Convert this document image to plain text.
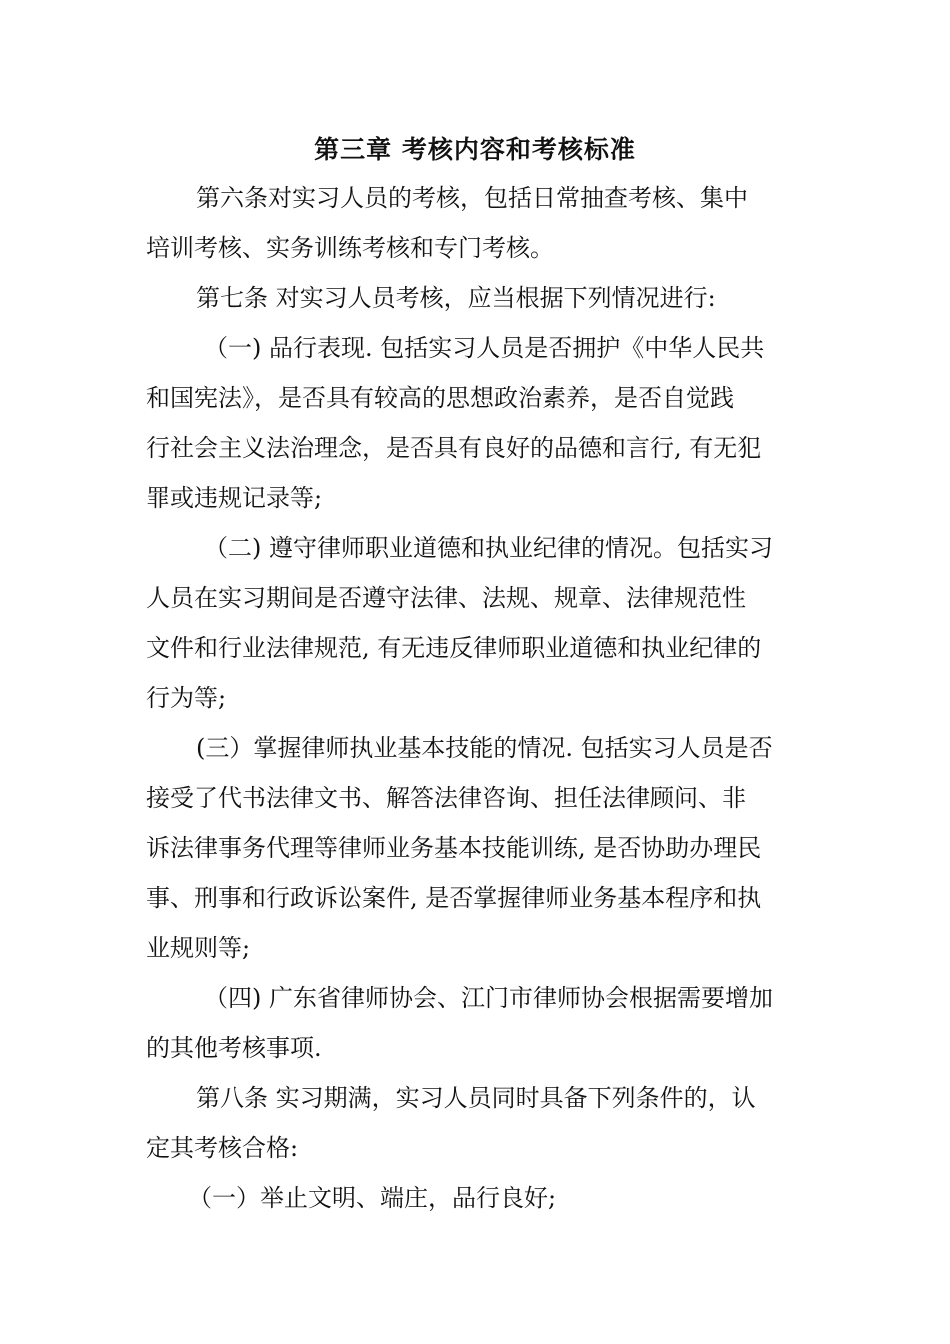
第三章 考核内容和考核标准
第六条对实习人员的考核，包括日常抽查考核、集中
培训考核、实务训练考核和专门考核。
第七条 对实习人员考核，应当根据下列情况进行:
（一) 品行表现. 包括实习人员是否拥护《中华人民共
和国宪法》，是否具有较高的思想政治素养，是否自觉践
行社会主义法治理念，是否具有良好的品德和言行, 有无犯
罪或违规记录等;
（二) 遵守律师职业道德和执业纪律的情况。包括实习
人员在实习期间是否遵守法律、法规、规章、法律规范性
文件和行业法律规范, 有无违反律师职业道德和执业纪律的
行为等;
(三）掌握律师执业基本技能的情况. 包括实习人员是否
接受了代书法律文书、解答法律咨询、担任法律顾问、非
诉法律事务代理等律师业务基本技能训练, 是否协助办理民
事、刑事和行政诉讼案件, 是否掌握律师业务基本程序和执
业规则等;
（四) 广东省律师协会、江门市律师协会根据需要增加
的其他考核事项.
第八条 实习期满，实习人员同时具备下列条件的，认
定其考核合格:
（一）举止文明、端庄，品行良好;
